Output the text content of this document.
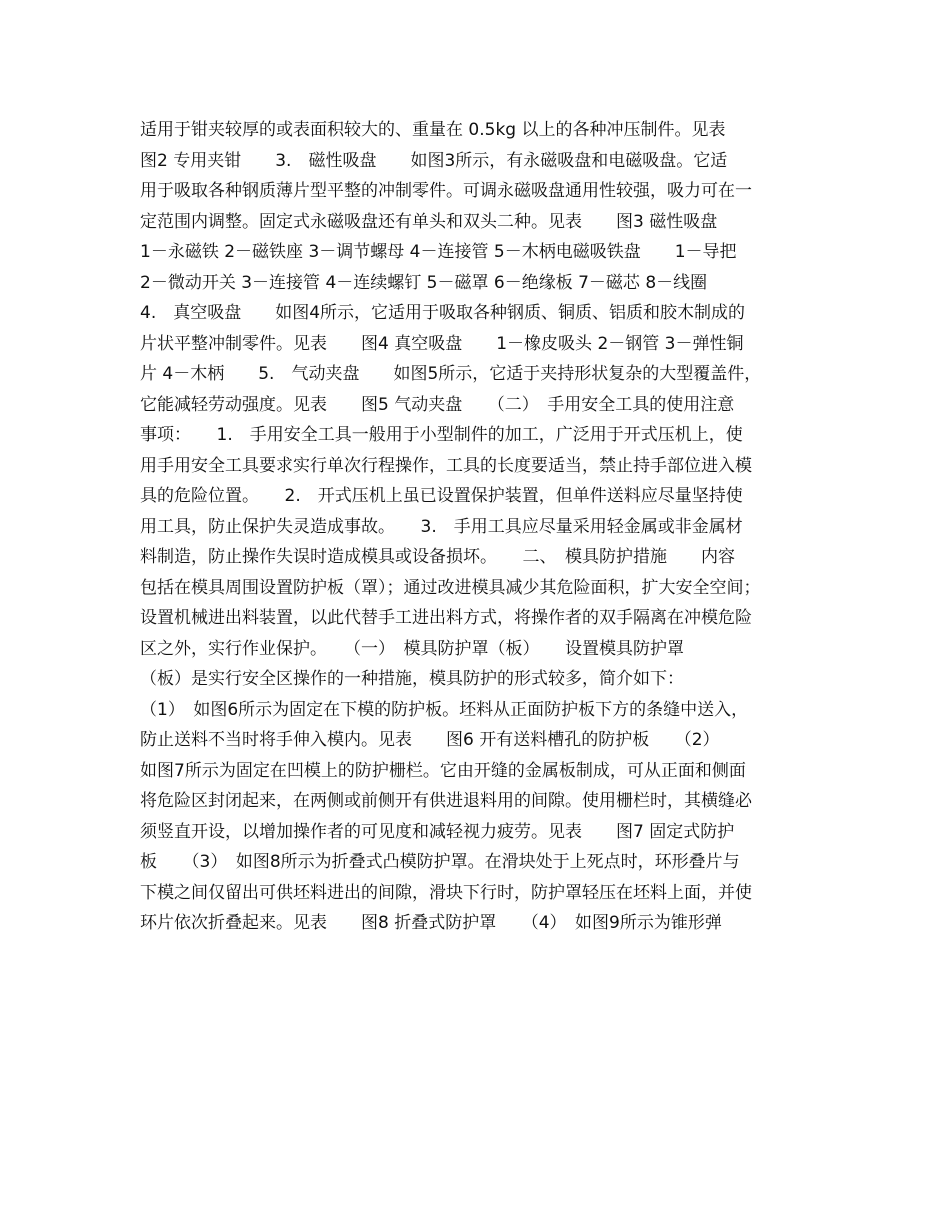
适用于钳夹较厚的或表面积较大的、重量在 0.5kg 以上的各种冲压制件。见表
图2 专用夹钳　　3.　磁性吸盘　　如图3所示，有永磁吸盘和电磁吸盘。它适
用于吸取各种钢质薄片型平整的冲制零件。可调永磁吸盘通用性较强，吸力可在一
定范围内调整。固定式永磁吸盘还有单头和双头二种。见表　　图3 磁性吸盘
1－永磁铁 2－磁铁座 3－调节螺母 4－连接管 5－木柄电磁吸铁盘　　1－导把
2－微动开关 3－连接管 4－连续螺钉 5－磁罩 6－绝缘板 7－磁芯 8－线圈
4.　真空吸盘　　如图4所示，它适用于吸取各种钢质、铜质、铝质和胶木制成的
片状平整冲制零件。见表　　图4 真空吸盘　　1－橡皮吸头 2－钢管 3－弹性铜
片 4－木柄　　5.　气动夹盘　　如图5所示，它适于夹持形状复杂的大型覆盖件，
它能减轻劳动强度。见表　　图5 气动夹盘　　（二）　手用安全工具的使用注意
事项：　　1.　手用安全工具一般用于小型制件的加工，广泛用于开式压机上，使
用手用安全工具要求实行单次行程操作，工具的长度要适当，禁止持手部位进入模
具的危险位置。　　2.　开式压机上虽已设置保护装置，但单件送料应尽量坚持使
用工具，防止保护失灵造成事故。　　3.　手用工具应尽量采用轻金属或非金属材
料制造，防止操作失误时造成模具或设备损坏。　　二、　模具防护措施　　内容
包括在模具周围设置防护板（罩）；通过改进模具减少其危险面积，扩大安全空间；
设置机械进出料装置，以此代替手工进出料方式，将操作者的双手隔离在冲模危险
区之外，实行作业保护。　　（一）　模具防护罩（板）　　设置模具防护罩
（板）是实行安全区操作的一种措施，模具防护的形式较多，简介如下：
（1）　如图6所示为固定在下模的防护板。坯料从正面防护板下方的条缝中送入，
防止送料不当时将手伸入模内。见表　　图6 开有送料槽孔的防护板　　（2）
如图7所示为固定在凹模上的防护栅栏。它由开缝的金属板制成，可从正面和侧面
将危险区封闭起来，在两侧或前侧开有供进退料用的间隙。使用栅栏时，其横缝必
须竖直开设，以增加操作者的可见度和减轻视力疲劳。见表　　图7 固定式防护
板　　（3）　如图8所示为折叠式凸模防护罩。在滑块处于上死点时，环形叠片与
下模之间仅留出可供坯料进出的间隙，滑块下行时，防护罩轻压在坯料上面，并使
环片依次折叠起来。见表　　图8 折叠式防护罩　　（4）　如图9所示为锥形弹
